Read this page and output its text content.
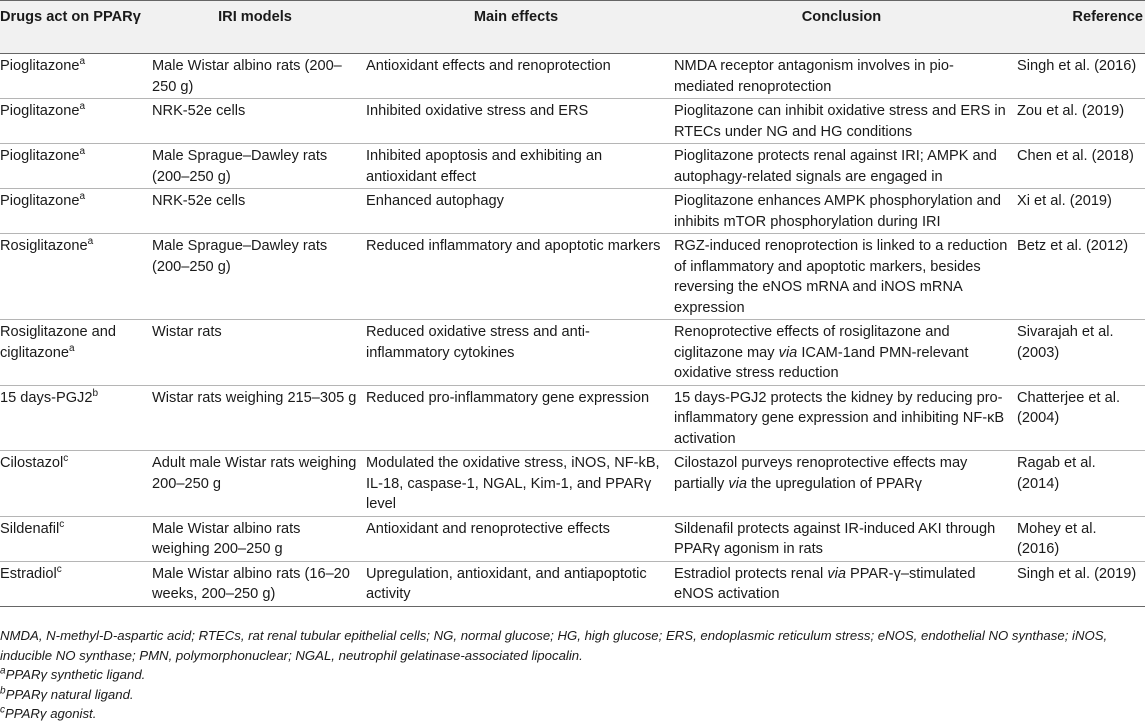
Drugs act on PPARγ	IRI models	Main effects	Conclusion	Reference
Pioglitazone$^a$	Male Wistar albino rats (200–250 g)	Antioxidant effects and renoprotection	NMDA receptor antagonism involves in pio-mediated renoprotection	Singh et al. (2016)
Pioglitazone$^a$	NRK-52e cells	Inhibited oxidative stress and ERS	Pioglitazone can inhibit oxidative stress and ERS in RTECs under NG and HG conditions	Zou et al. (2019)
Pioglitazone$^a$	Male Sprague–Dawley rats (200–250 g)	Inhibited apoptosis and exhibiting an antioxidant effect	Pioglitazone protects renal against IRI; AMPK and autophagy-related signals are engaged in	Chen et al. (2018)
Pioglitazone$^a$	NRK-52e cells	Enhanced autophagy	Pioglitazone enhances AMPK phosphorylation and inhibits mTOR phosphorylation during IRI	Xi et al. (2019)
Rosiglitazone$^a$	Male Sprague–Dawley rats (200–250 g)	Reduced inflammatory and apoptotic markers	RGZ-induced renoprotection is linked to a reduction of inflammatory and apoptotic markers, besides reversing the eNOS mRNA and iNOS mRNA expression	Betz et al. (2012)
Rosiglitazone and ciglitazone$^a$	Wistar rats	Reduced oxidative stress and anti-inflammatory cytokines	Renoprotective effects of rosiglitazone and ciglitazone may via ICAM-1and PMN-relevant oxidative stress reduction	Sivarajah et al. (2003)
15 days-PGJ2$^b$	Wistar rats weighing 215–305 g	Reduced pro-inflammatory gene expression	15 days-PGJ2 protects the kidney by reducing pro-inflammatory gene expression and inhibiting NF-κB activation	Chatterjee et al. (2004)
Cilostazol$^c$	Adult male Wistar rats weighing 200–250 g	Modulated the oxidative stress, iNOS, NF-kB, IL-18, caspase-1, NGAL, Kim-1, and PPARγ level	Cilostazol purveys renoprotective effects may partially via the upregulation of PPARγ	Ragab et al. (2014)
Sildenafil$^c$	Male Wistar albino rats weighing 200–250 g	Antioxidant and renoprotective effects	Sildenafil protects against IR-induced AKI through PPARγ agonism in rats	Mohey et al. (2016)
Estradiol$^c$	Male Wistar albino rats (16–20 weeks, 200–250 g)	Upregulation, antioxidant, and antiapoptotic activity	Estradiol protects renal via PPAR-γ–stimulated eNOS activation	Singh et al. (2019)

NMDA, N-methyl-D-aspartic acid; RTECs, rat renal tubular epithelial cells; NG, normal glucose; HG, high glucose; ERS, endoplasmic reticulum stress; eNOS, endothelial NO synthase; iNOS, inducible NO synthase; PMN, polymorphonuclear; NGAL, neutrophil gelatinase-associated lipocalin.

$^a$PPARγ synthetic ligand.

$^b$PPARγ natural ligand.

$^c$PPARγ agonist.
